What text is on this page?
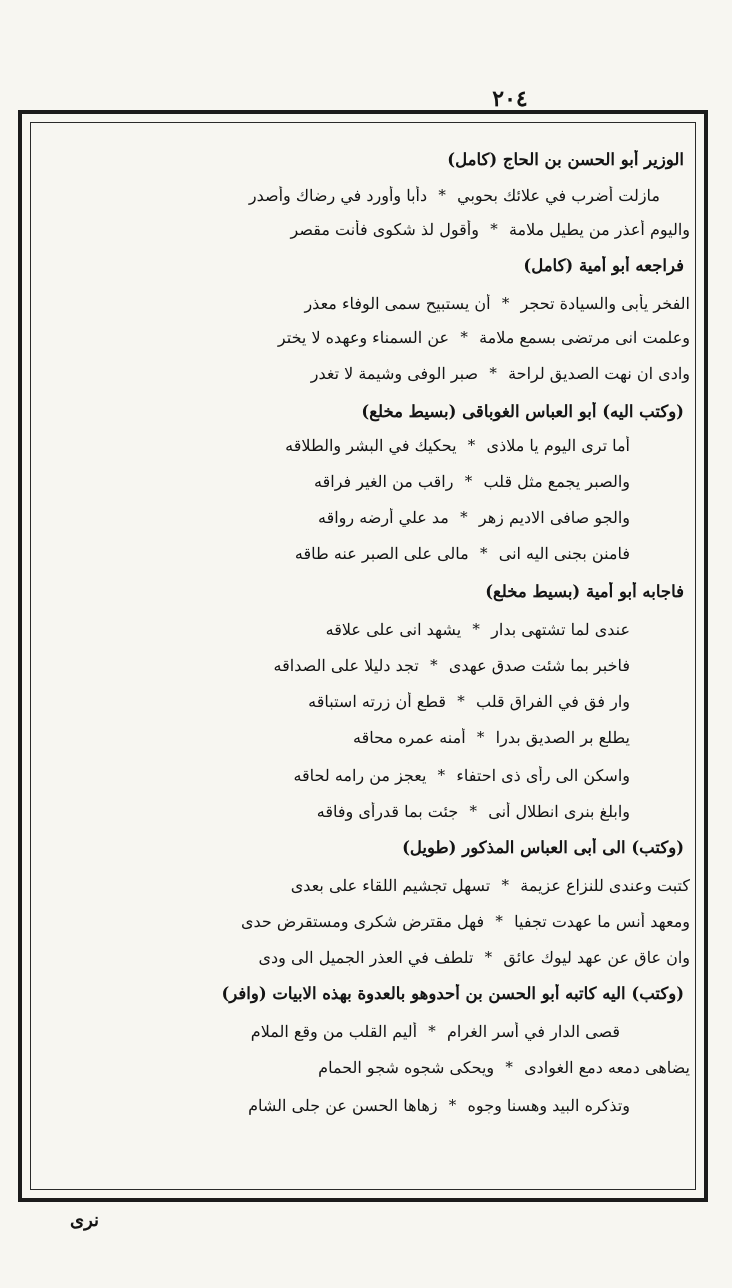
٢٠٤
الوزير أبو الحسن بن الحاج (كامل)
مازلت أضرب في علائك بحوبي
*
دأبا وأورد في رضاك وأصدر
واليوم أعذر من يطيل ملامة
*
وأقول لذ شكوى فأنت مقصر
فراجعه أبو أمية (كامل)
الفخر يأبى والسيادة تحجر
*
أن يستبيح سمى الوفاء معذر
وعلمت انى مرتضى بسمع ملامة
*
عن السمناء وعهده لا يختر
وادى ان نهت الصديق لراحة
*
صبر الوفى وشيمة لا تغدر
(وكتب اليه) أبو العباس الغوباقى (بسيط مخلع)
أما ترى اليوم يا ملاذى
*
يحكيك في البشر والطلاقه
والصبر يجمع مثل قلب
*
راقب من الغير فراقه
والجو صافى الاديم زهر
*
مد علي أرضه رواقه
فامنن بجنى اليه انى
*
مالى على الصبر عنه طاقه
فاجابه أبو أمية (بسيط مخلع)
عندى لما تشتهى بدار
*
يشهد انى على علاقه
فاخبر بما شئت صدق عهدى
*
تجد دليلا على الصداقه
وار فق في الفراق قلب
*
قطع أن زرته استباقه
يطلع بر الصديق بدرا
*
أمنه عمره محاقه
واسكن الى رأى ذى احتفاء
*
يعجز من رامه لحاقه
وابلغ بنرى انطلال أنى
*
جئت بما قدرأى وفاقه
(وكتب) الى أبى العباس المذكور (طويل)
كتبت وعندى للنزاع عزيمة
*
تسهل تجشيم اللقاء على بعدى
ومعهد أنس ما عهدت تجفيا
*
فهل مقترض شكرى ومستقرض حدى
وان عاق عن عهد ليوك عائق
*
تلطف في العذر الجميل الى ودى
(وكتب) اليه كاتبه أبو الحسن بن أحدوهو بالعدوة بهذه الابيات (وافر)
قصى الدار في أسر الغرام
*
أليم القلب من وقع الملام
يضاهى دمعه دمع الغوادى
*
ويحكى شجوه شجو الحمام
وتذكره البيد وهسنا وجوه
*
زهاها الحسن عن جلى الشام
نرى
